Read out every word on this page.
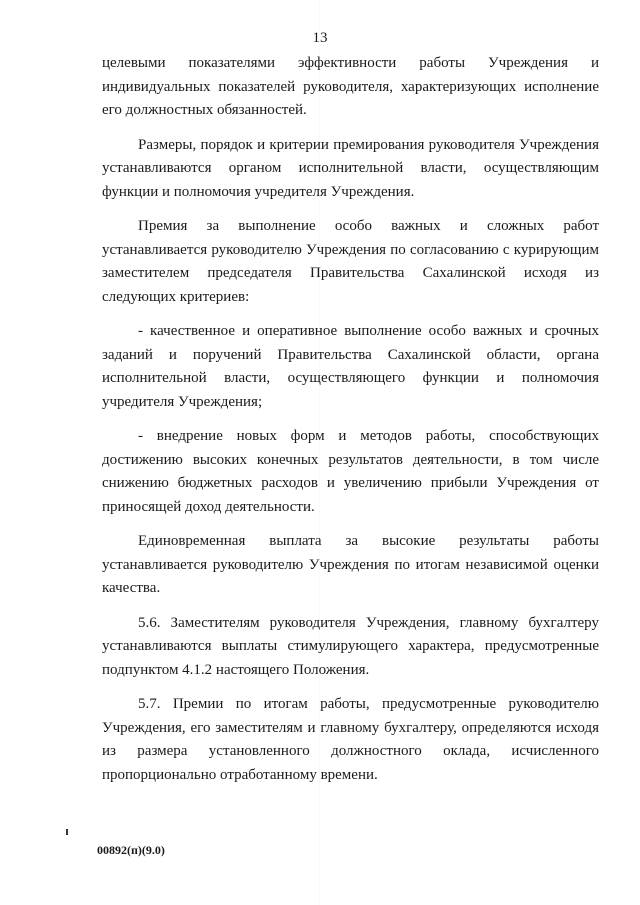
13

целевыми показателями эффективности работы Учреждения и индивидуальных показателей руководителя, характеризующих исполнение его должностных обязанностей.

Размеры, порядок и критерии премирования руководителя Учреждения устанавливаются органом исполнительной власти, осуществляющим функции и полномочия учредителя Учреждения.

Премия за выполнение особо важных и сложных работ устанавливается руководителю Учреждения по согласованию с курирующим заместителем председателя Правительства Сахалинской исходя из следующих критериев:

- качественное и оперативное выполнение особо важных и срочных заданий и поручений Правительства Сахалинской области, органа исполнительной власти, осуществляющего функции и полномочия учредителя Учреждения;

- внедрение новых форм и методов работы, способствующих достижению высоких конечных результатов деятельности, в том числе снижению бюджетных расходов и увеличению прибыли Учреждения от приносящей доход деятельности.

Единовременная выплата за высокие результаты работы устанавливается руководителю Учреждения по итогам независимой оценки качества.

5.6. Заместителям руководителя Учреждения, главному бухгалтеру устанавливаются выплаты стимулирующего характера, предусмотренные подпунктом 4.1.2 настоящего Положения.

5.7. Премии по итогам работы, предусмотренные руководителю Учреждения, его заместителям и главному бухгалтеру, определяются исходя из размера установленного должностного оклада, исчисленного пропорционально отработанному времени.

00892(п)(9.0)
